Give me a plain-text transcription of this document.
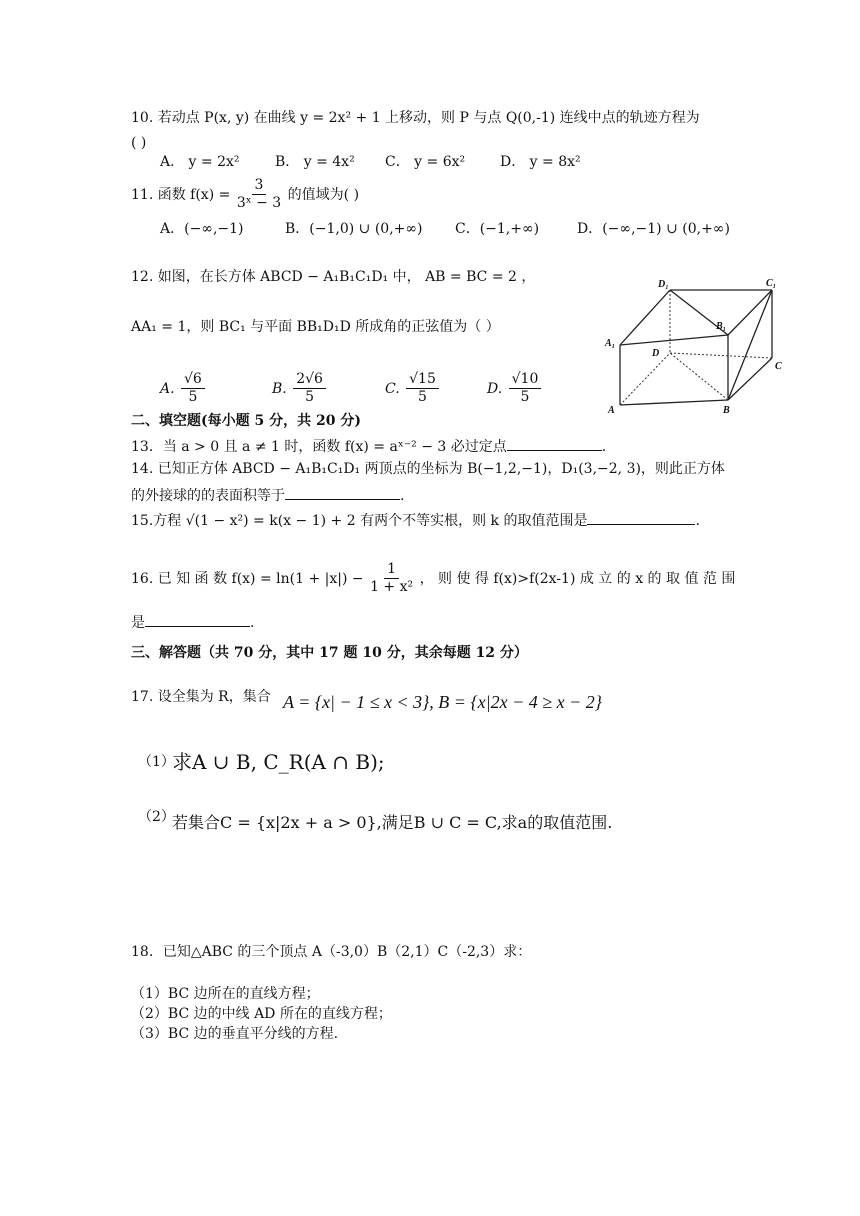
10. 若动点 P(x, y) 在曲线 y = 2x² + 1 上移动，则 P 与点 Q(0,-1) 连线中点的轨迹方程为
( )
A． y = 2x²	B． y = 4x² C． y = 6x² D． y = 8x²
11. 函数 $f(x) = \frac{3}{\text{3ˣ − 3}}$ 的值域为( )
A．(−∞,−1)	B．(−1,0) ∪ (0,+∞) C．(−1,+∞)	D．(−∞,−1) ∪ (0,+∞)
12. 如图，在长方体 ABCD − A₁B₁C₁D₁ 中， AB = BC = 2 ，
AA₁ = 1，则 BC₁ 与平面 BB₁D₁D 所成角的正弦值为（ ）
A. $\frac{√6}{5}$	B. $\frac{2√6}{5}$	C. $\frac{√15}{5}$	D. $\frac{√10}{5}$
D₁	C₁
B₁
A₁
D
C
A	B
二、填空题(每小题 5 分，共 20 分)
13．当 a > 0 且 a ≠ 1 时，函数 f(x) = aˣ⁻² − 3 必过定点	.
14. 已知正方体 ABCD − A₁B₁C₁D₁ 两顶点的坐标为 B(−1,2,−1)，D₁(3,−2, 3)，则此正方体
的外接球的的表面积等于	.
15.方程 √(1 − x²) = k(x − 1) + 2 有两个不等实根，则 k 的取值范围是	.
16. 已 知 函 数 $f(x) = \ln(1 + |x|) - \frac{1}{\text{1 + x²}}$ ， 则 使 得 f(x)>f(2x-1) 成 立 的 x 的 取 值 范 围
是	.
三、解答题（共 70 分，其中 17 题 10 分，其余每题 12 分）
17. 设全集为 R，集合 A = {x| − 1 ≤ x < 3}, B = {x|2x − 4 ≥ x − 2}
（1）
求A ∪ B, C_R(A ∩ B);
（2）
若集合C = {x|2x + a > 0},满足B ∪ C = C,求a的取值范围.
18．已知△ABC 的三个顶点 A（-3,0）B（2,1）C（-2,3）求：
（1）BC 边所在的直线方程；
（2）BC 边的中线 AD 所在的直线方程；
（3）BC 边的垂直平分线的方程.
